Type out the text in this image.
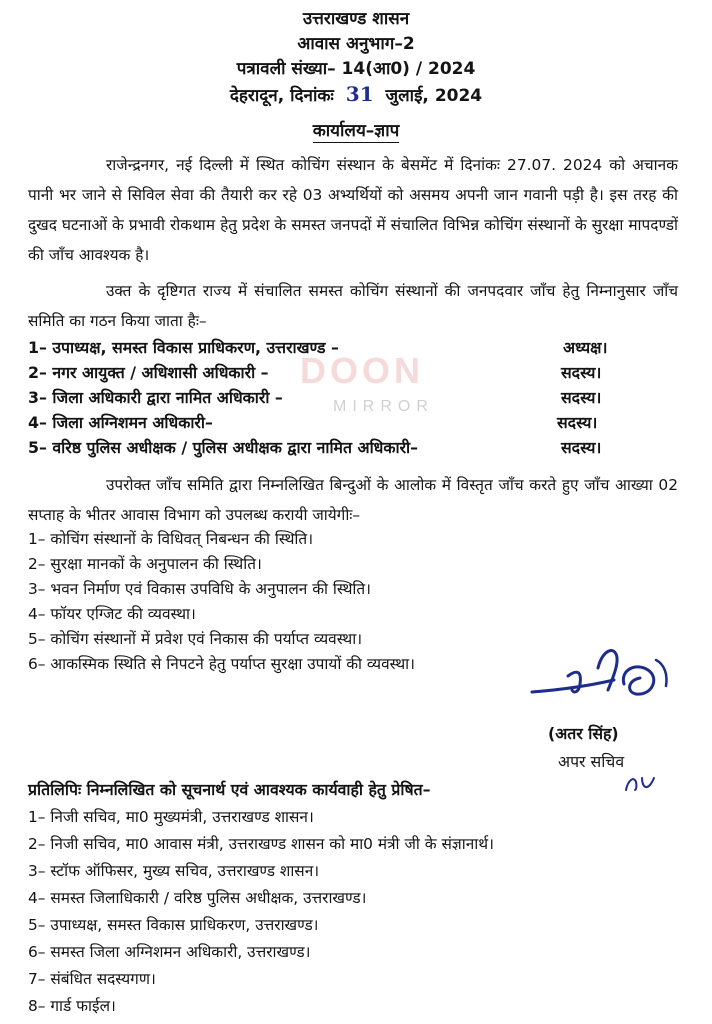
उत्तराखण्ड शासन
आवास अनुभाग–2
पत्रावली संख्या– 14(आ0) / 2024
देहरादून, दिनांकः 31 जुलाई, 2024
कार्यालय–ज्ञाप
राजेन्द्रनगर, नई दिल्ली में स्थित कोचिंग संस्थान के बेसमेंट में दिनांकः 27.07. 2024 को अचानक पानी भर जाने से सिविल सेवा की तैयारी कर रहे 03 अभ्यर्थियों को असमय अपनी जान गवानी पड़ी है। इस तरह की दुखद घटनाओं के प्रभावी रोकथाम हेतु प्रदेश के समस्त जनपदों में संचालित विभिन्न कोचिंग संस्थानों के सुरक्षा मापदण्डों की जाँच आवश्यक है।
उक्त के दृष्टिगत राज्य में संचालित समस्त कोचिंग संस्थानों की जनपदवार जाँच हेतु निम्नानुसार जाँच समिति का गठन किया जाता हैः–
DOON
MIRROR
1– उपाध्यक्ष, समस्त विकास प्राधिकरण, उत्तराखण्ड –	अध्यक्ष।
2– नगर आयुक्त / अधिशासी अधिकारी –	सदस्य।
3– जिला अधिकारी द्वारा नामित अधिकारी –	सदस्य।
4– जिला अग्निशमन अधिकारी–	सदस्य।
5– वरिष्ठ पुलिस अधीक्षक / पुलिस अधीक्षक द्वारा नामित अधिकारी–	सदस्य।
उपरोक्त जाँच समिति द्वारा निम्नलिखित बिन्दुओं के आलोक में विस्तृत जाँच करते हुए जाँच आख्या 02 सप्ताह के भीतर आवास विभाग को उपलब्ध करायी जायेगीः–
1– कोचिंग संस्थानों के विधिवत् निबन्धन की स्थिति।
2– सुरक्षा मानकों के अनुपालन की स्थिति।
3– भवन निर्माण एवं विकास उपविधि के अनुपालन की स्थिति।
4– फॉयर एग्जिट की व्यवस्था।
5– कोचिंग संस्थानों में प्रवेश एवं निकास की पर्याप्त व्यवस्था।
6– आकस्मिक स्थिति से निपटने हेतु पर्याप्त सुरक्षा उपायों की व्यवस्था।
(अतर सिंह)
अपर सचिव
प्रतिलिपिः निम्नलिखित को सूचनार्थ एवं आवश्यक कार्यवाही हेतु प्रेषित–
1– निजी सचिव, मा0 मुख्यमंत्री, उत्तराखण्ड शासन।
2– निजी सचिव, मा0 आवास मंत्री, उत्तराखण्ड शासन को मा0 मंत्री जी के संज्ञानार्थ।
3– स्टॉफ ऑफिसर, मुख्य सचिव, उत्तराखण्ड शासन।
4– समस्त जिलाधिकारी / वरिष्ठ पुलिस अधीक्षक, उत्तराखण्ड।
5– उपाध्यक्ष, समस्त विकास प्राधिकरण, उत्तराखण्ड।
6– समस्त जिला अग्निशमन अधिकारी, उत्तराखण्ड।
7– संबंधित सदस्यगण।
8– गार्ड फाईल।
